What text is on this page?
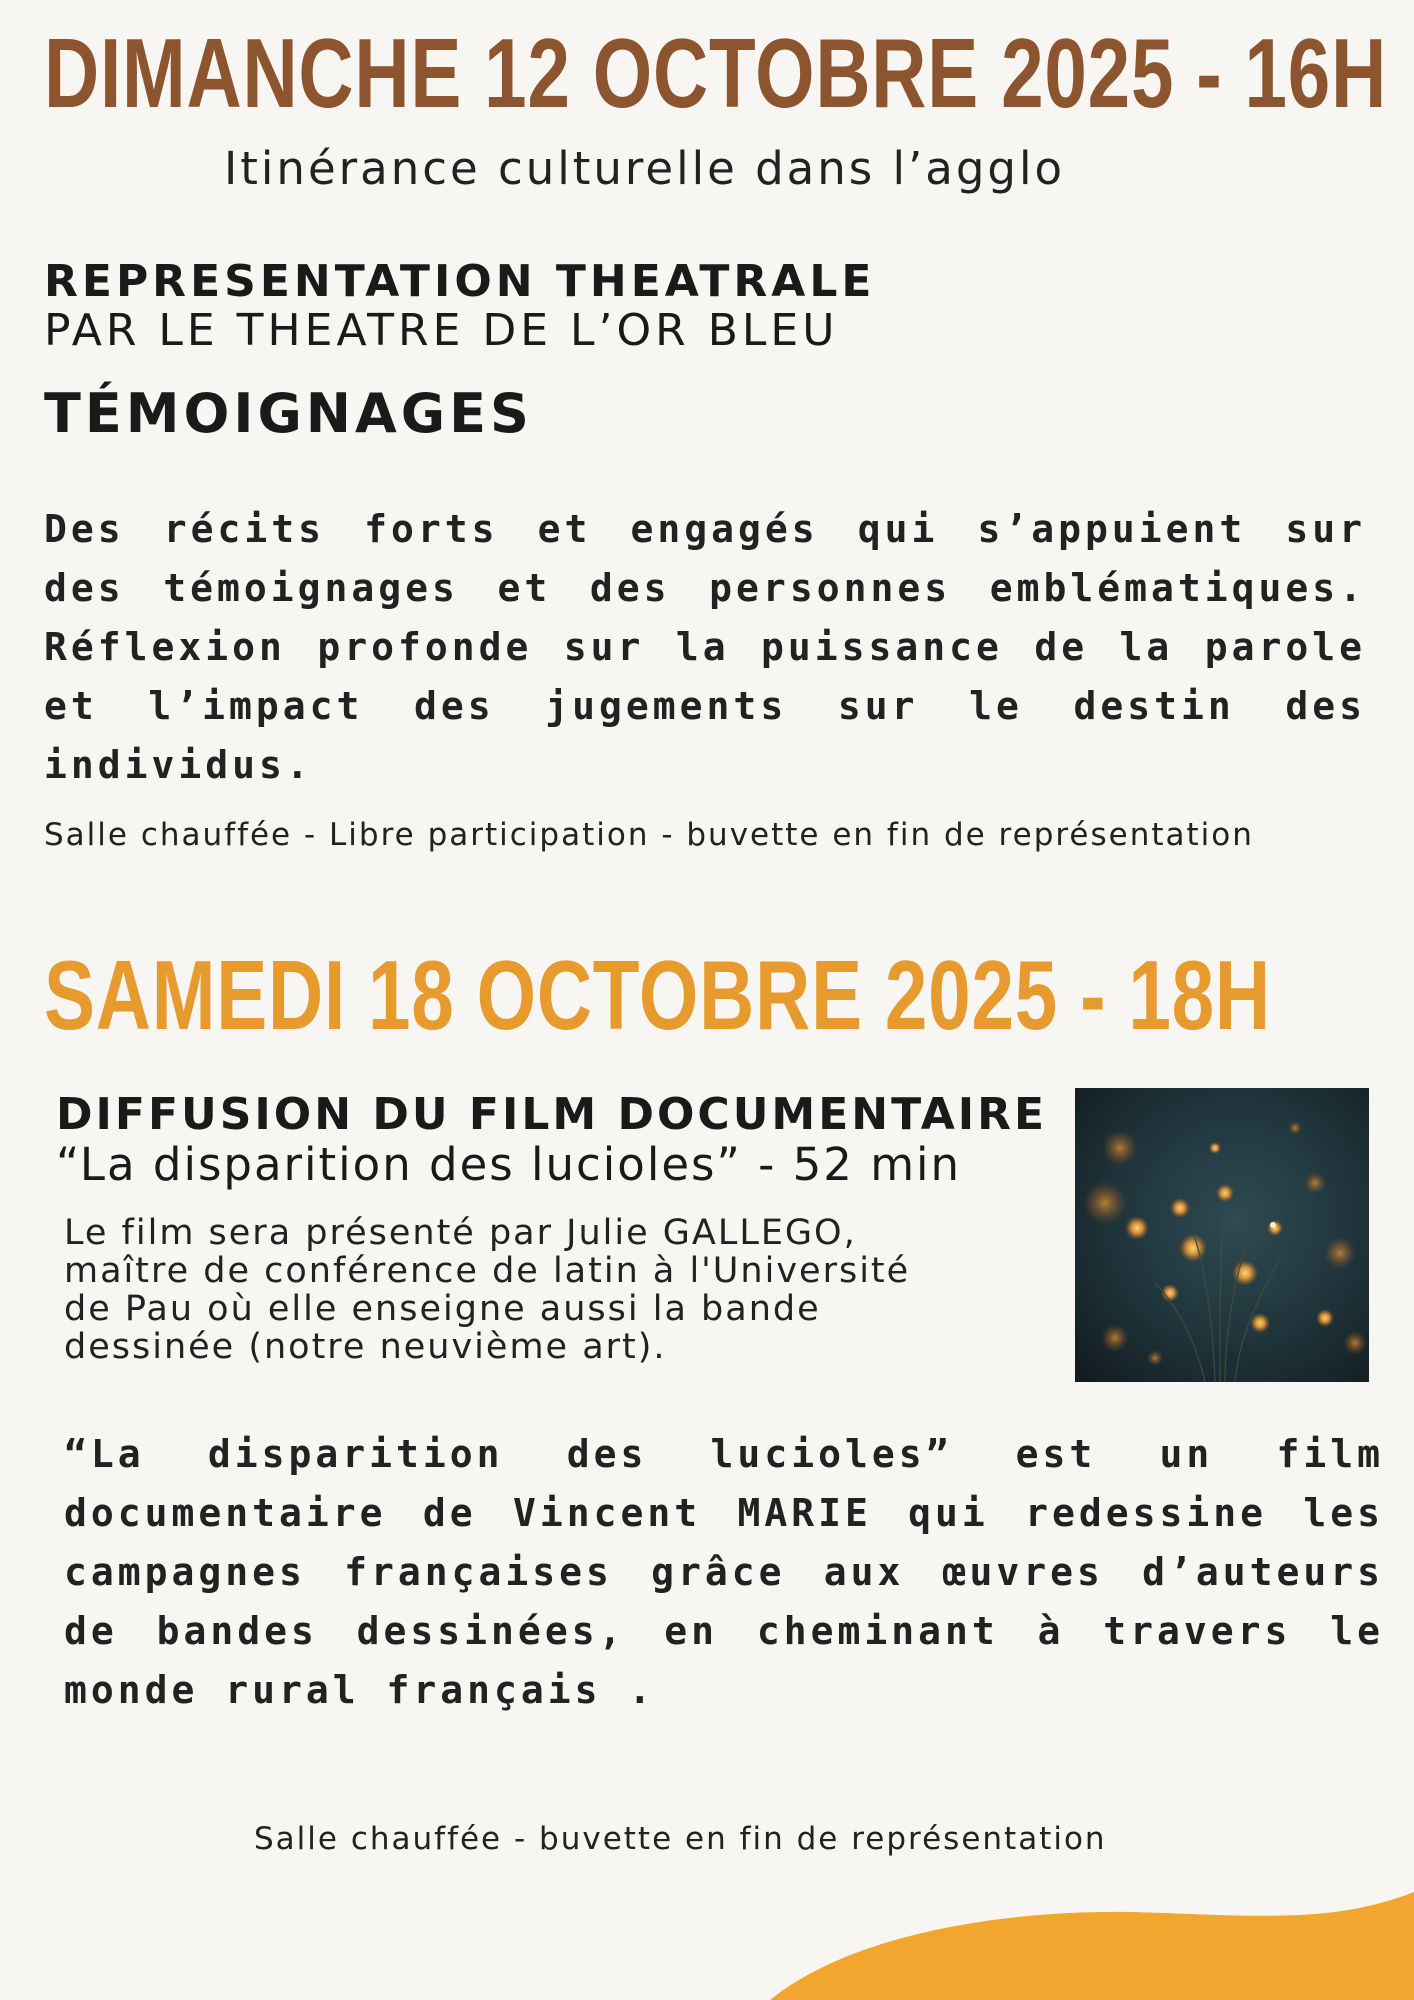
DIMANCHE 12 OCTOBRE 2025 - 16H
Itinérance culturelle dans l’agglo
REPRESENTATION THEATRALE
PAR LE THEATRE DE L’OR BLEU
TÉMOIGNAGES
Des récits forts et engagés qui s’appuient sur des témoignages et des personnes emblématiques. Réflexion profonde sur la puissance de la parole et l’impact des jugements sur le destin des individus.
Salle chauffée - Libre participation - buvette en fin de représentation
SAMEDI 18 OCTOBRE 2025 - 18H
DIFFUSION DU FILM DOCUMENTAIRE
“La disparition des lucioles” - 52 min
Le film sera présenté par Julie GALLEGO,
maître de conférence de latin à l'Université
de Pau où elle enseigne aussi la bande
dessinée (notre neuvième art).
“La disparition des lucioles” est un film documentaire de Vincent MARIE qui redessine les campagnes françaises grâce aux œuvres d’auteurs de bandes dessinées, en cheminant à travers le monde rural français .
Salle chauffée - buvette en fin de représentation
